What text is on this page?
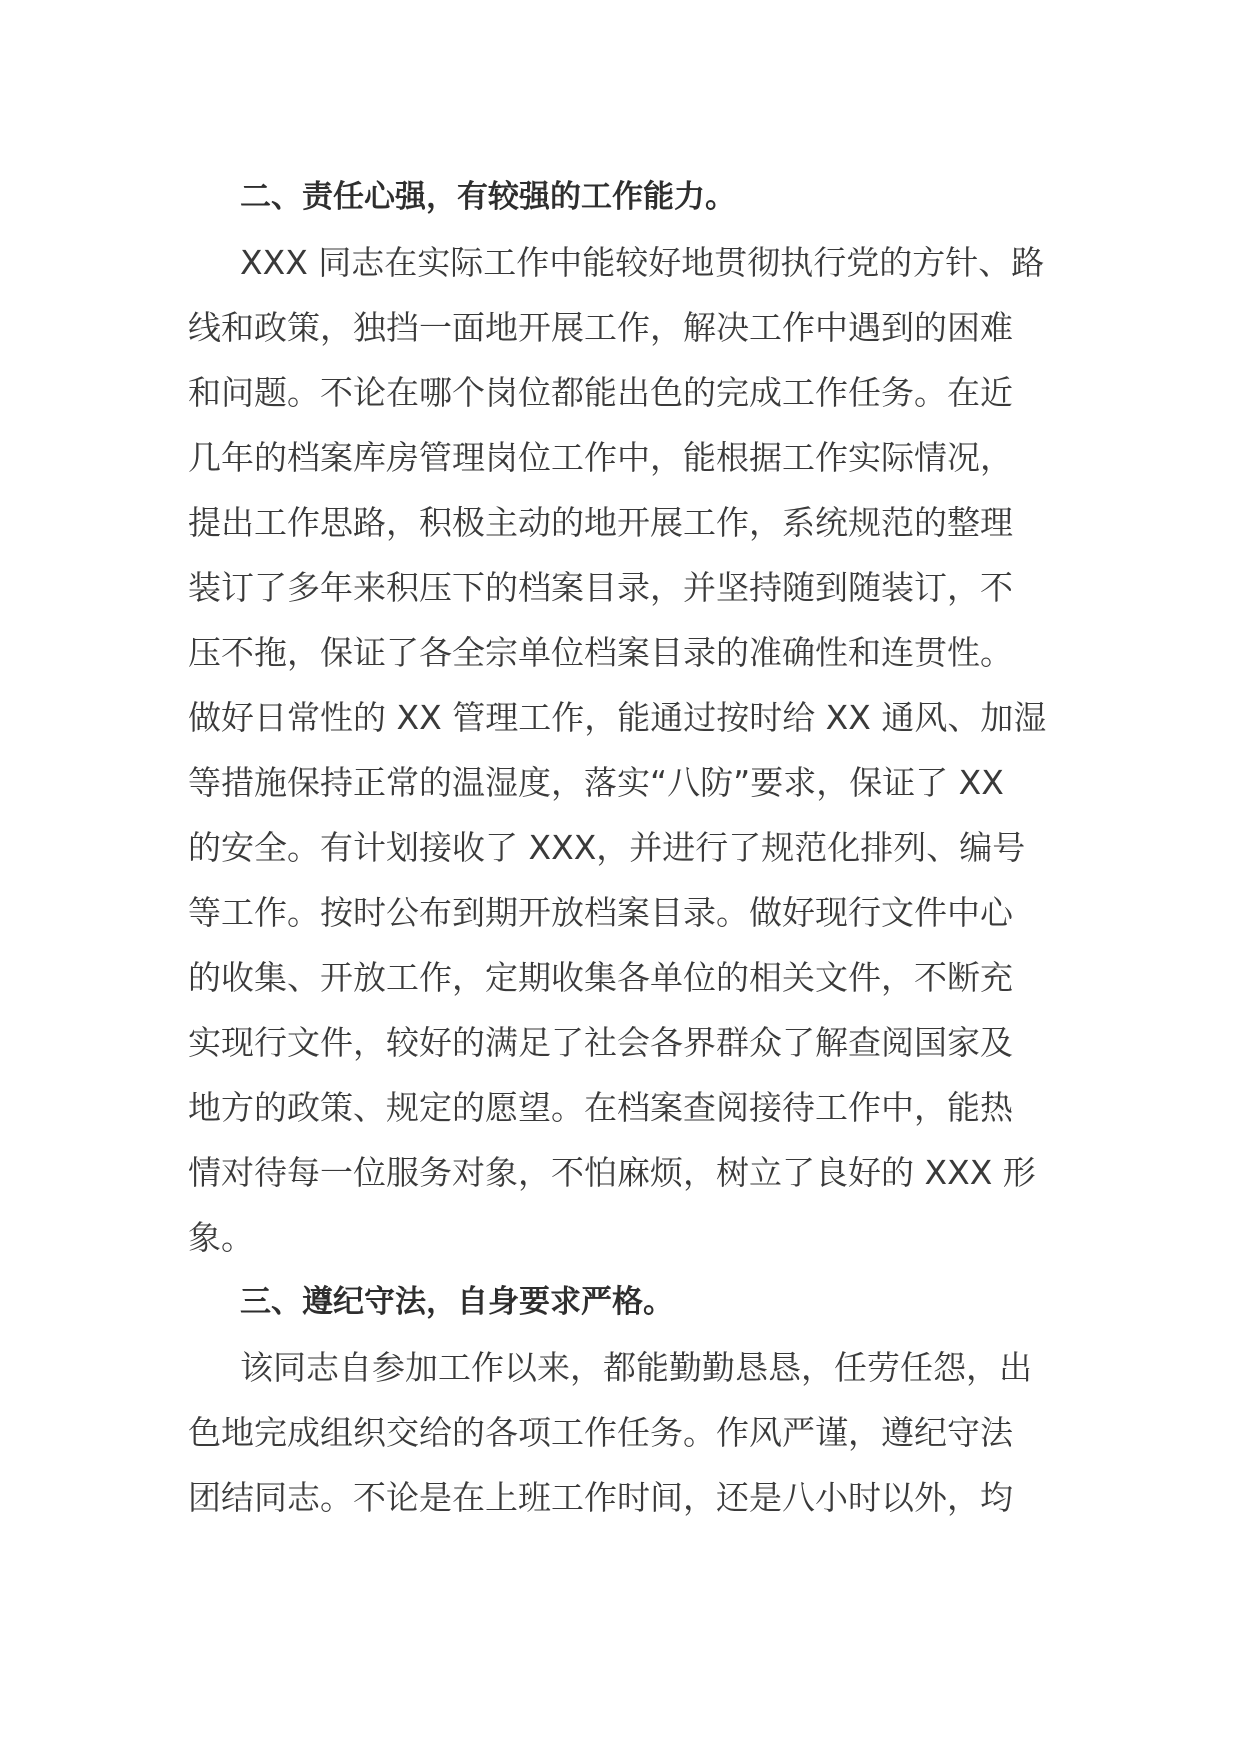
二、责任心强，有较强的工作能力。

XXX 同志在实际工作中能较好地贯彻执行党的方针、路

线和政策，独挡一面地开展工作，解决工作中遇到的困难

和问题。不论在哪个岗位都能出色的完成工作任务。在近

几年的档案库房管理岗位工作中，能根据工作实际情况，

提出工作思路，积极主动的地开展工作，系统规范的整理

装订了多年来积压下的档案目录，并坚持随到随装订，不

压不拖，保证了各全宗单位档案目录的准确性和连贯性。

做好日常性的 XX 管理工作，能通过按时给 XX 通风、加湿

等措施保持正常的温湿度，落实“八防”要求，保证了 XX

的安全。有计划接收了 XXX，并进行了规范化排列、编号

等工作。按时公布到期开放档案目录。做好现行文件中心

的收集、开放工作，定期收集各单位的相关文件，不断充

实现行文件，较好的满足了社会各界群众了解查阅国家及

地方的政策、规定的愿望。在档案查阅接待工作中，能热

情对待每一位服务对象，不怕麻烦，树立了良好的 XXX 形

象。

三、遵纪守法，自身要求严格。

该同志自参加工作以来，都能勤勤恳恳，任劳任怨，出

色地完成组织交给的各项工作任务。作风严谨，遵纪守法

团结同志。不论是在上班工作时间，还是八小时以外，均
